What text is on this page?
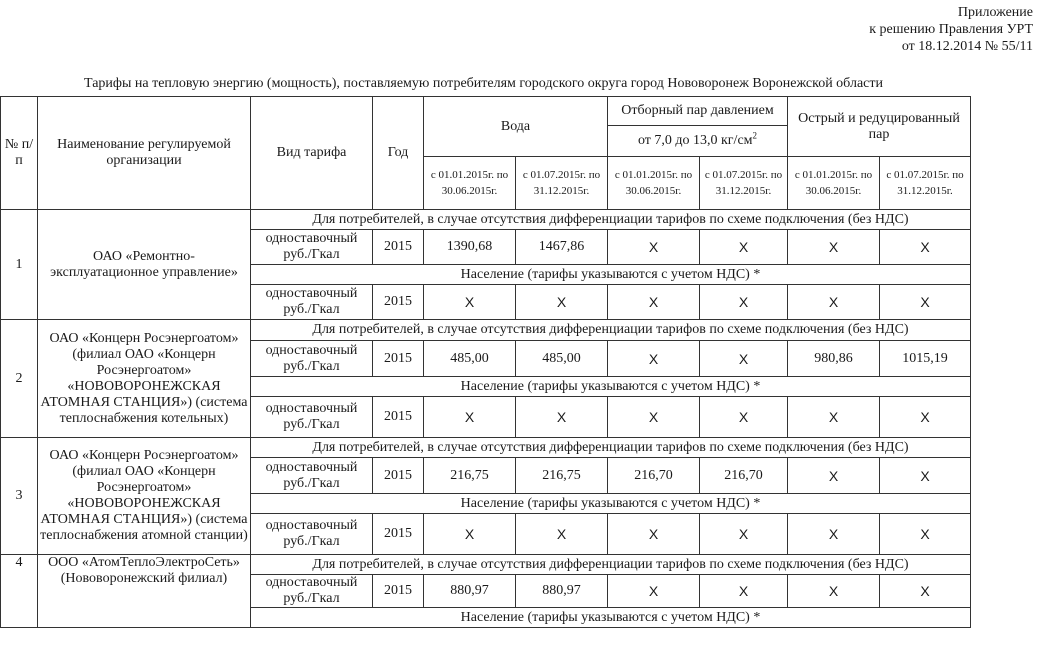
Приложение
к решению Правления УРТ
от 18.12.2014 № 55/11
Тарифы на тепловую энергию (мощность), поставляемую потребителям городского округа город Нововоронеж Воронежской области
№ п/п	Наименование регулируемой организации	Вид тарифа	Год	Вода		Отборный пар давлением		Острый и редуцированный пар	
						от 7,0 до 13,0 $кг/см^2$
				с 01.01.2015г. по 30.06.2015г.	с 01.07.2015г. по 31.12.2015г.	с 01.01.2015г. по 30.06.2015г.	с 01.07.2015г. по 31.12.2015г.	с 01.01.2015г. по 30.06.2015г.	с 01.07.2015г. по 31.12.2015г.
1	ОАО «Ремонтно-эксплуатационное управление»	Для потребителей, в случае отсутствия дифференциации тарифов по схеме подключения (без НДС)							
		одноставочный руб./Гкал	2015	1390,68	1467,86	X	X	X	X
		Население (тарифы указываются с учетом НДС) *							
		одноставочный руб./Гкал	2015	X	X	X	X	X	X
2	ОАО «Концерн Росэнергоатом» (филиал ОАО «Концерн Росэнергоатом» «НОВОВОРОНЕЖСКАЯ АТОМНАЯ СТАНЦИЯ») (система теплоснабжения котельных)	Для потребителей, в случае отсутствия дифференциации тарифов по схеме подключения (без НДС)							
		одноставочный руб./Гкал	2015	485,00	485,00	X	X	980,86	1015,19
		Население (тарифы указываются с учетом НДС) *							
		одноставочный руб./Гкал	2015	X	X	X	X	X	X
3	ОАО «Концерн Росэнергоатом» (филиал ОАО «Концерн Росэнергоатом» «НОВОВОРОНЕЖСКАЯ АТОМНАЯ СТАНЦИЯ») (система теплоснабжения атомной станции)	Для потребителей, в случае отсутствия дифференциации тарифов по схеме подключения (без НДС)							
		одноставочный руб./Гкал	2015	216,75	216,75	216,70	216,70	X	X
		Население (тарифы указываются с учетом НДС) *							
		одноставочный руб./Гкал	2015	X	X	X	X	X	X
4	ООО «АтомТеплоЭлектроСеть» (Нововоронежский филиал)	Для потребителей, в случае отсутствия дифференциации тарифов по схеме подключения (без НДС)							
		одноставочный руб./Гкал	2015	880,97	880,97	X	X	X	X
		Население (тарифы указываются с учетом НДС) *							
